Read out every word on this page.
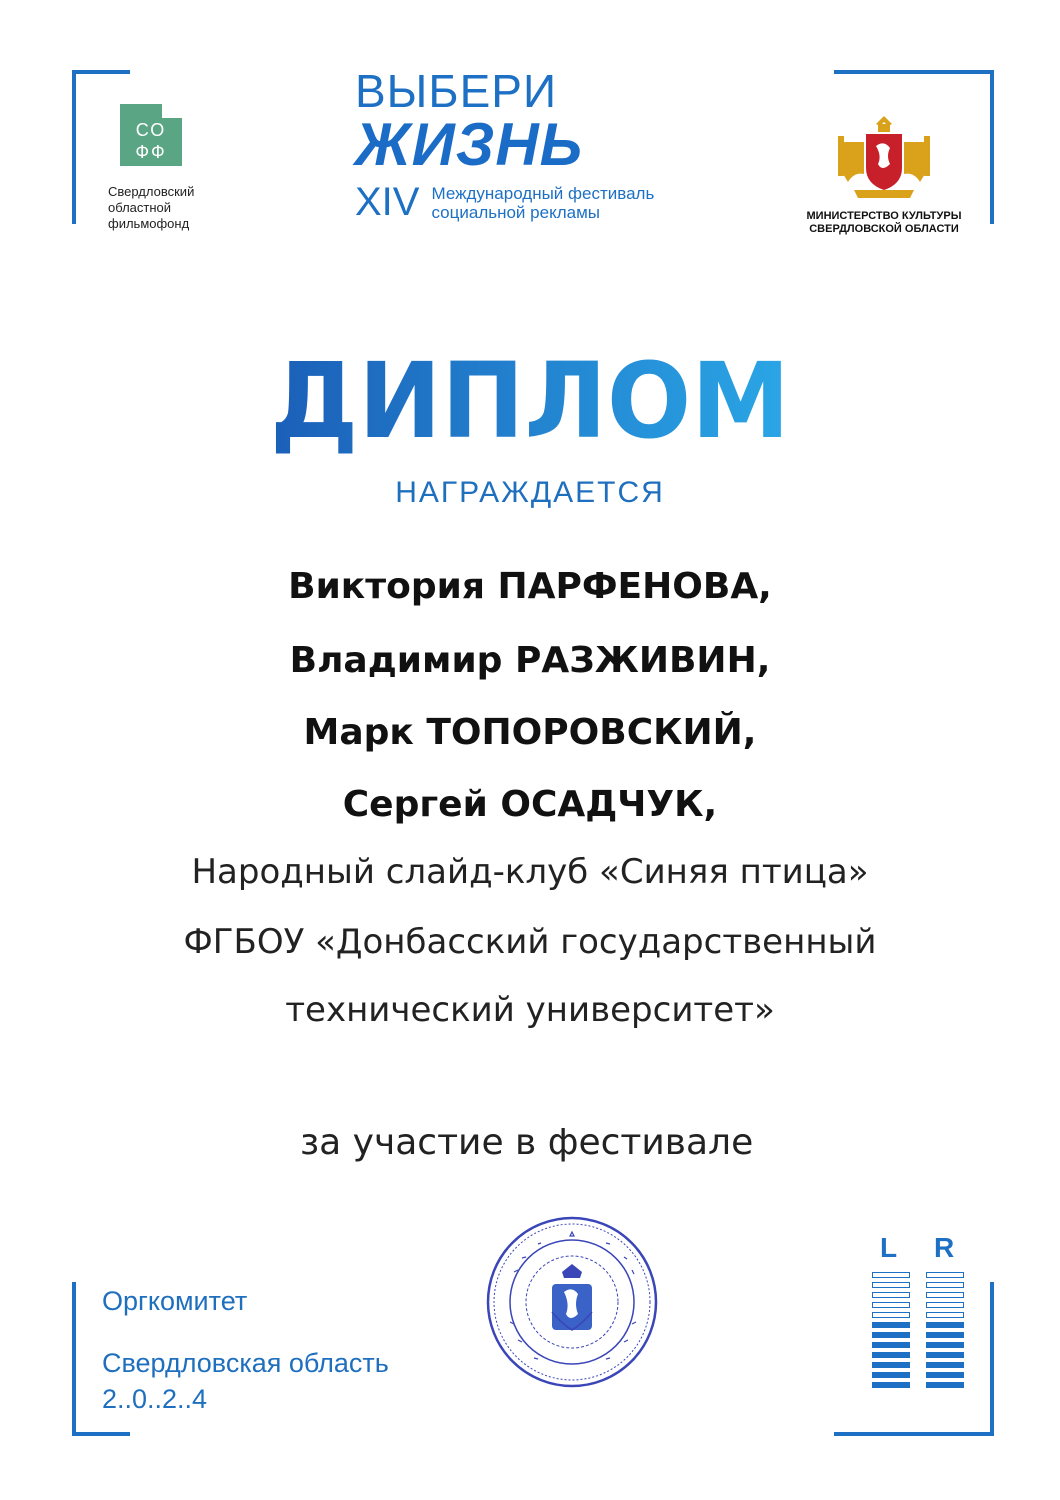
СО
ФФ
Свердловский
областной
фильмофонд
ВЫБЕРИ
ЖИЗНЬ
XIV Международный фестиваль
социальной рекламы	МИНИСТЕРСТВО КУЛЬТУРЫ
СВЕРДЛОВСКОЙ ОБЛАСТИ
ДИПЛОМ
НАГРАЖДАЕТСЯ
Виктория ПАРФЕНОВА,
Владимир РАЗЖИВИН,
Марк ТОПОРОВСКИЙ,
Сергей ОСАДЧУК,
Народный слайд-клуб «Синяя птица»
ФГБОУ «Донбасский государственный
технический университет»
за участие в фестивале
Оргкомитет
Свердловская область
2..0..2..4
L R
